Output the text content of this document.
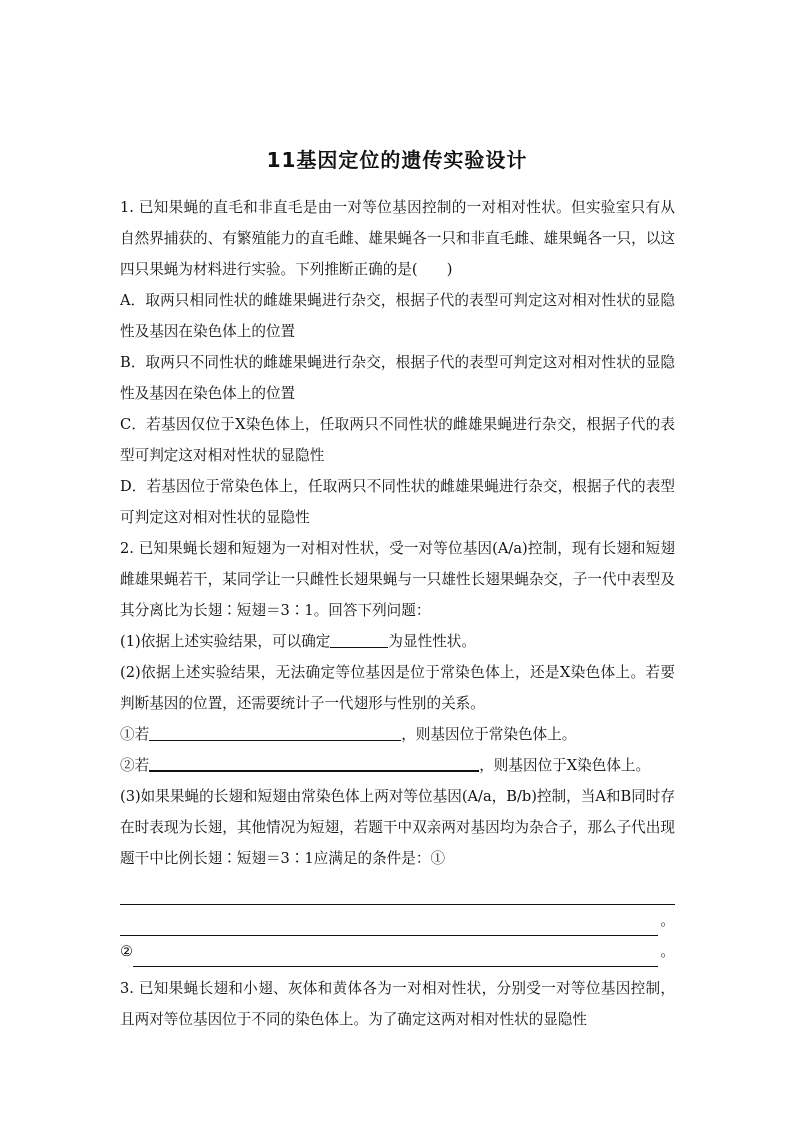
11基因定位的遗传实验设计

1. 已知果蝇的直毛和非直毛是由一对等位基因控制的一对相对性状。但实验室只有从自然界捕获的、有繁殖能力的直毛雌、雄果蝇各一只和非直毛雌、雄果蝇各一只，以这四只果蝇为材料进行实验。下列推断正确的是(　　)

A．取两只相同性状的雌雄果蝇进行杂交，根据子代的表型可判定这对相对性状的显隐性及基因在染色体上的位置

B．取两只不同性状的雌雄果蝇进行杂交，根据子代的表型可判定这对相对性状的显隐性及基因在染色体上的位置

C．若基因仅位于X染色体上，任取两只不同性状的雌雄果蝇进行杂交，根据子代的表型可判定这对相对性状的显隐性

D．若基因位于常染色体上，任取两只不同性状的雌雄果蝇进行杂交，根据子代的表型可判定这对相对性状的显隐性

2. 已知果蝇长翅和短翅为一对相对性状，受一对等位基因(A/a)控制，现有长翅和短翅雌雄果蝇若干，某同学让一只雌性长翅果蝇与一只雄性长翅果蝇杂交，子一代中表型及其分离比为长翅∶短翅＝3∶1。回答下列问题：

(1)依据上述实验结果，可以确定	为显性性状。

(2)依据上述实验结果，无法确定等位基因是位于常染色体上，还是X染色体上。若要判断基因的位置，还需要统计子一代翅形与性别的关系。

①若	，则基因位于常染色体上。

②若	，则基因位于X染色体上。

(3)如果果蝇的长翅和短翅由常染色体上两对等位基因(A/a，B/b)控制，当A和B同时存在时表现为长翅，其他情况为短翅，若题干中双亲两对基因均为杂合子，那么子代出现题干中比例长翅∶短翅＝3∶1应满足的条件是：①

。
②	。

3. 已知果蝇长翅和小翅、灰体和黄体各为一对相对性状，分别受一对等位基因控制，且两对等位基因位于不同的染色体上。为了确定这两对相对性状的显隐性
